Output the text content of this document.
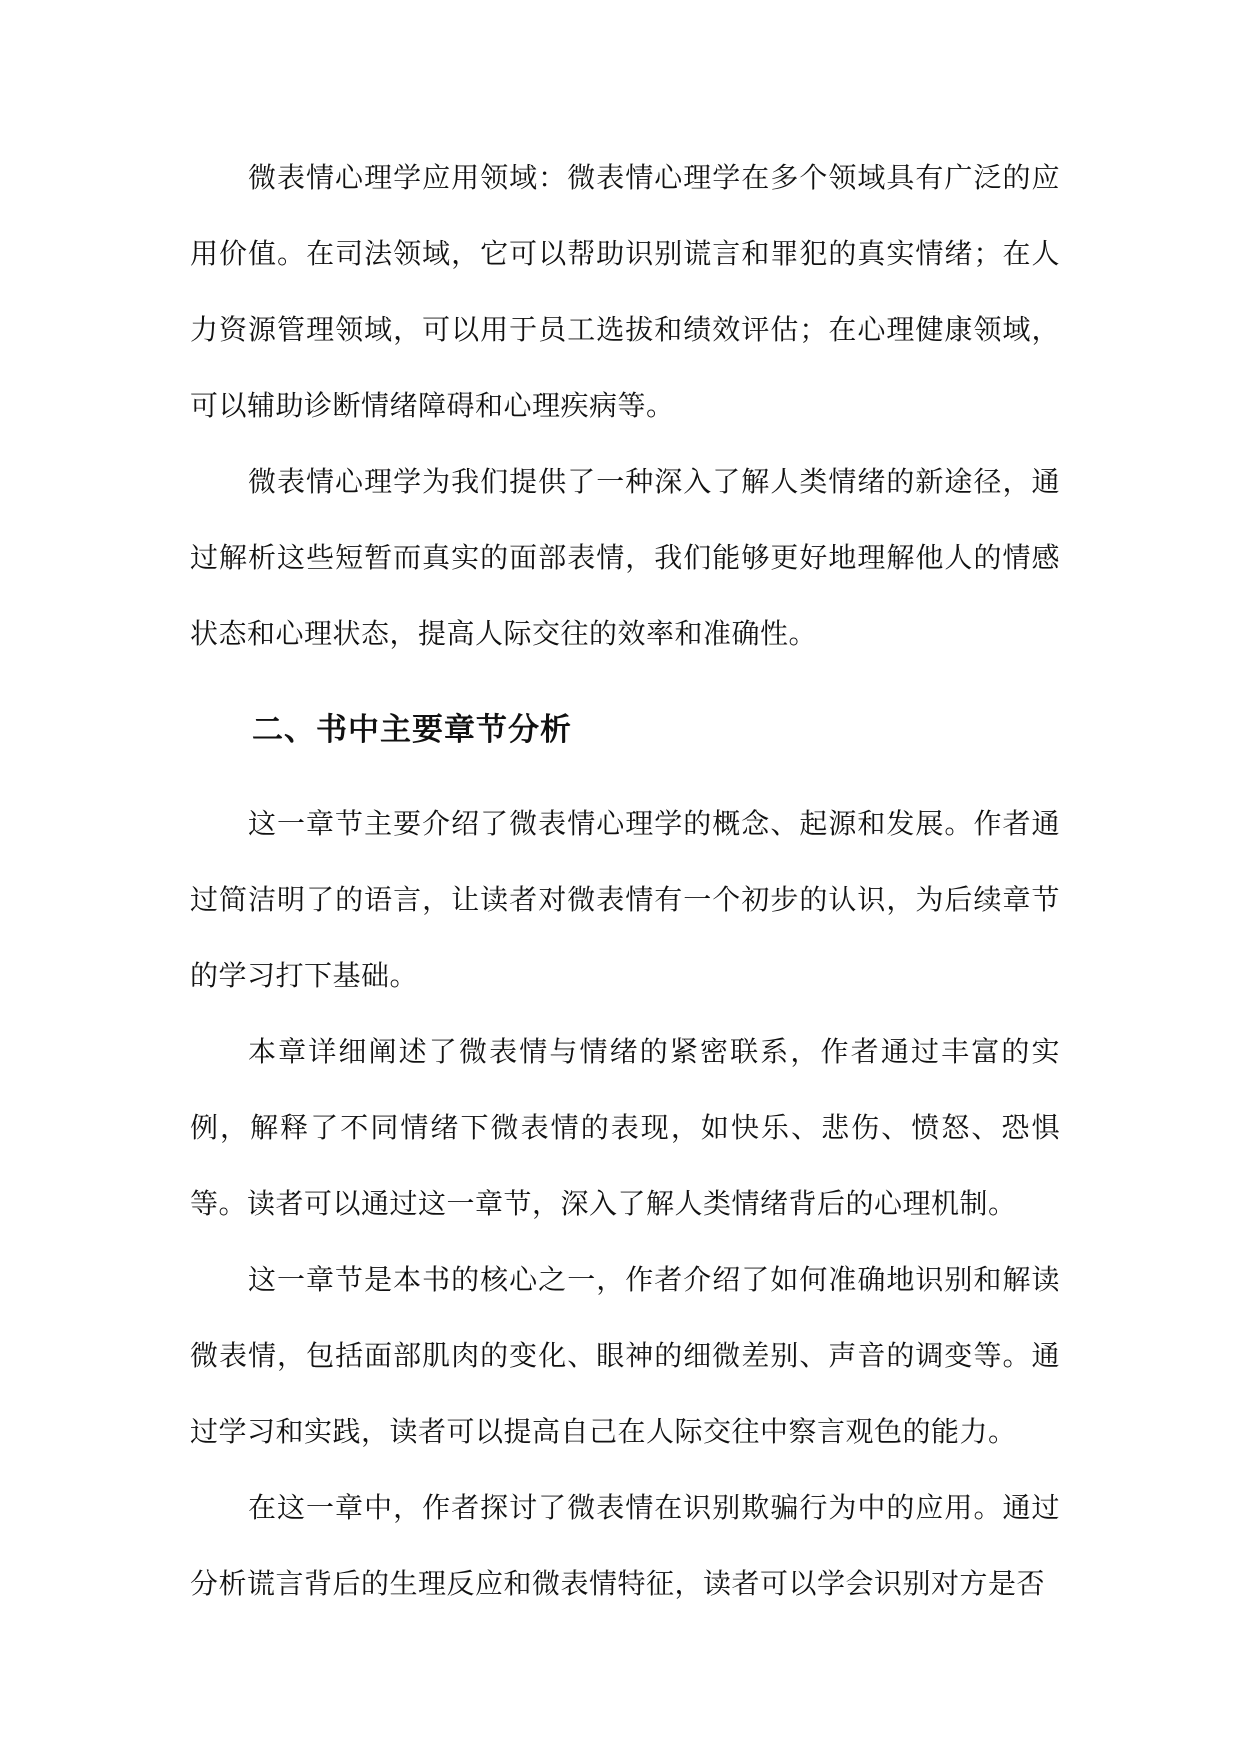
微表情心理学应用领域：微表情心理学在多个领域具有广泛的应用价值。在司法领域，它可以帮助识别谎言和罪犯的真实情绪；在人力资源管理领域，可以用于员工选拔和绩效评估；在心理健康领域，可以辅助诊断情绪障碍和心理疾病等。

微表情心理学为我们提供了一种深入了解人类情绪的新途径，通过解析这些短暂而真实的面部表情，我们能够更好地理解他人的情感状态和心理状态，提高人际交往的效率和准确性。

二、书中主要章节分析

这一章节主要介绍了微表情心理学的概念、起源和发展。作者通过简洁明了的语言，让读者对微表情有一个初步的认识，为后续章节的学习打下基础。

本章详细阐述了微表情与情绪的紧密联系，作者通过丰富的实例，解释了不同情绪下微表情的表现，如快乐、悲伤、愤怒、恐惧等。读者可以通过这一章节，深入了解人类情绪背后的心理机制。

这一章节是本书的核心之一，作者介绍了如何准确地识别和解读微表情，包括面部肌肉的变化、眼神的细微差别、声音的调变等。通过学习和实践，读者可以提高自己在人际交往中察言观色的能力。

在这一章中，作者探讨了微表情在识别欺骗行为中的应用。通过分析谎言背后的生理反应和微表情特征，读者可以学会识别对方是否
